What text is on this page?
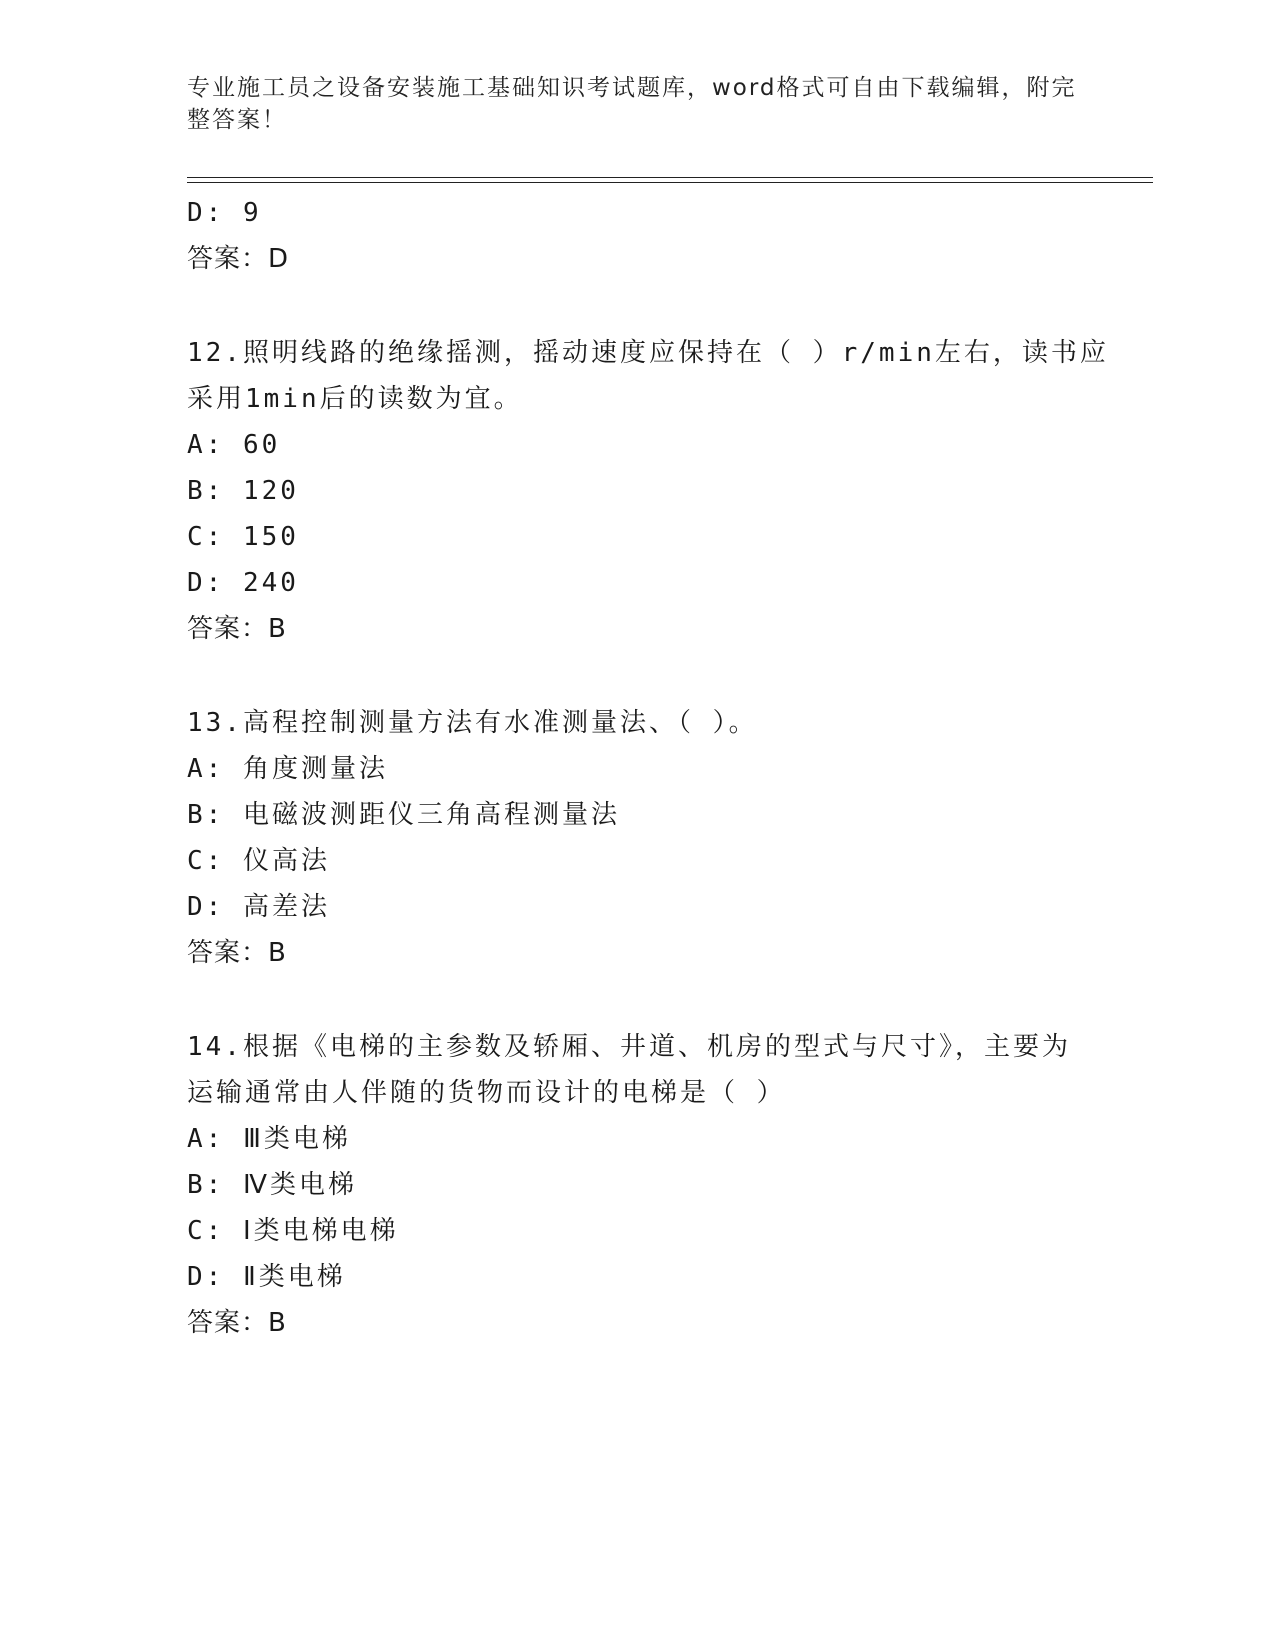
专业施工员之设备安装施工基础知识考试题库，word格式可自由下载编辑，附完
整答案！
D: 9
答案：D
12.照明线路的绝缘摇测，摇动速度应保持在（ ）r/min左右，读书应
采用1min后的读数为宜。
A: 60
B: 120
C: 150
D: 240
答案：B
13.高程控制测量方法有水准测量法、（ ）。
A: 角度测量法
B: 电磁波测距仪三角高程测量法
C: 仪高法
D: 高差法
答案：B
14.根据《电梯的主参数及轿厢、井道、机房的型式与尺寸》，主要为
运输通常由人伴随的货物而设计的电梯是（ ）
A: Ⅲ类电梯
B: Ⅳ类电梯
C: Ⅰ类电梯电梯
D: Ⅱ类电梯
答案：B
